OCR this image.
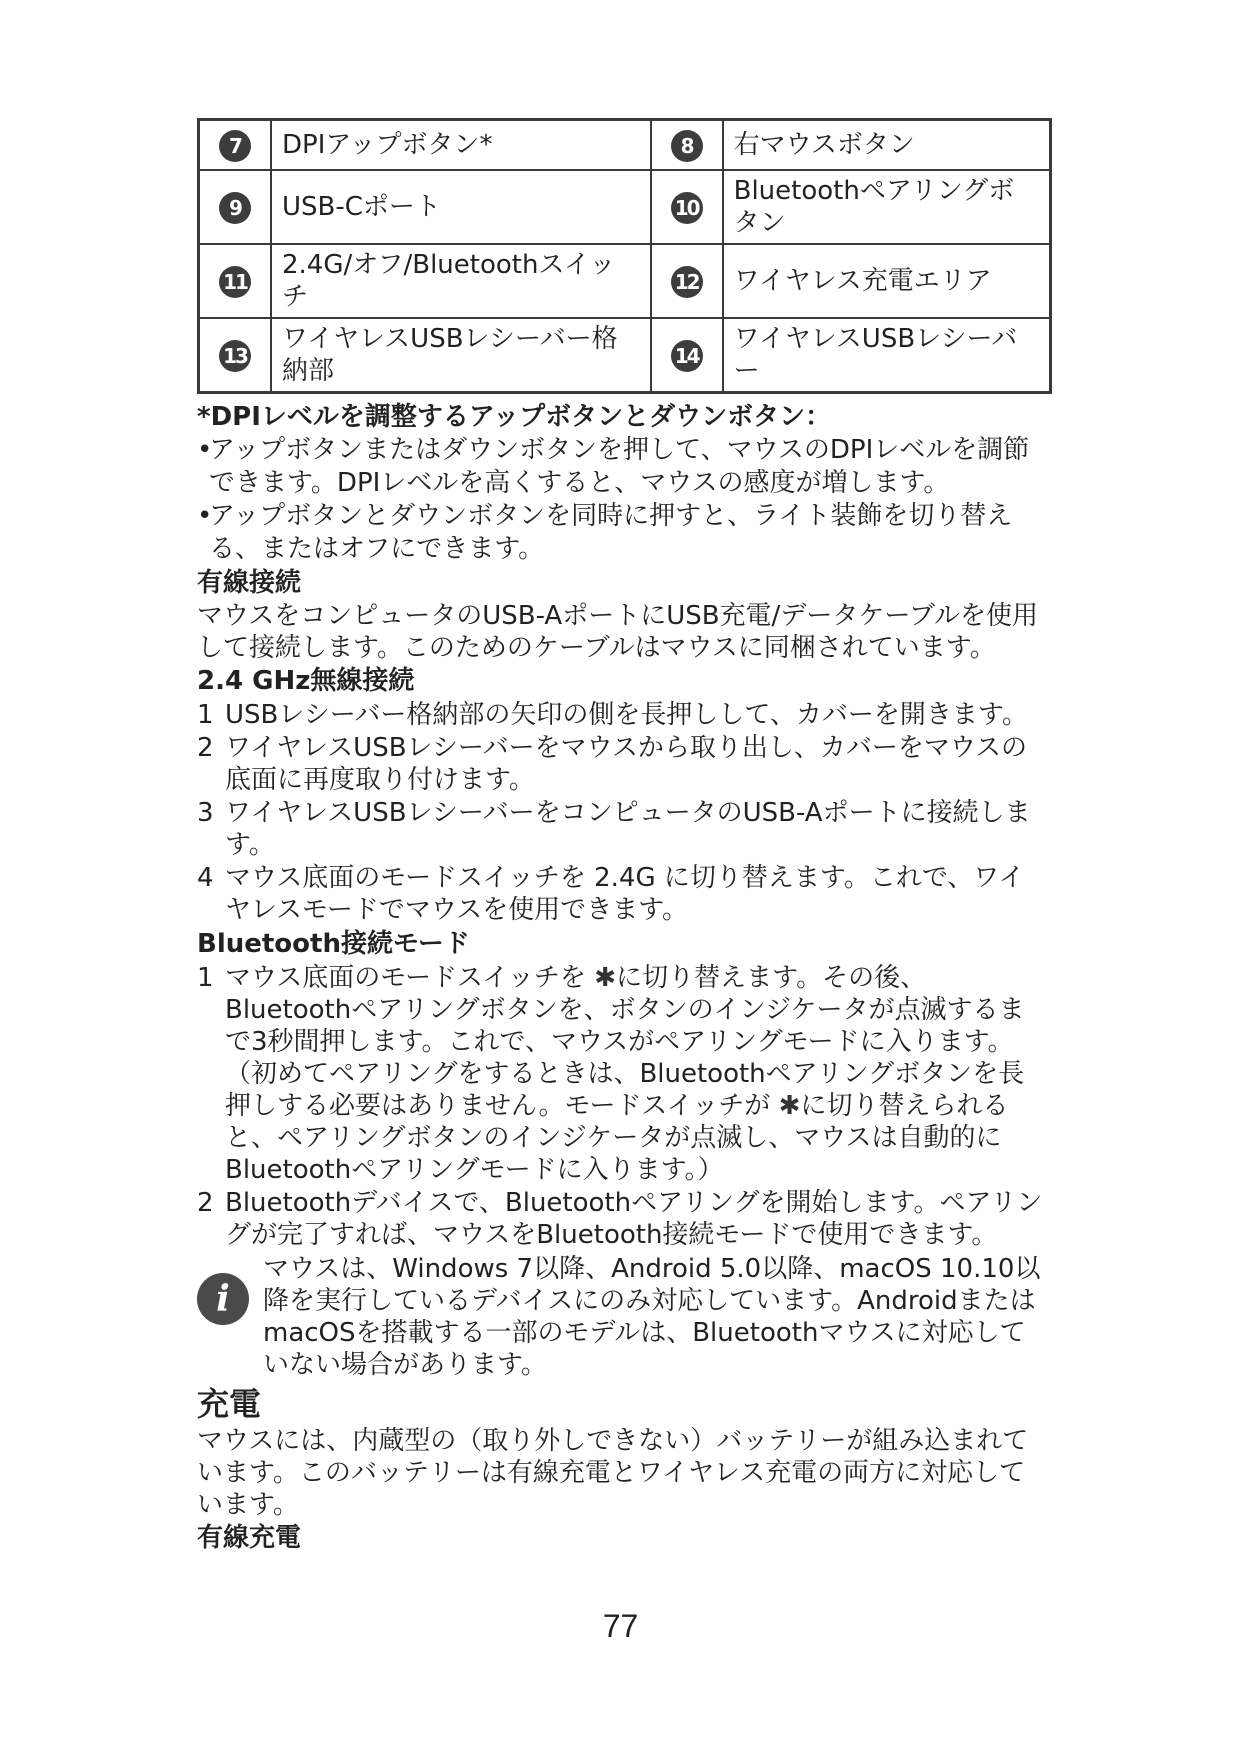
7	DPIアップボタン*	8	右マウスボタン
9	USB-Cポート	10	Bluetoothペアリングボタン
11	2.4G/オフ/Bluetoothスイッチ	12	ワイヤレス充電エリア
13	ワイヤレスUSBレシーバー格納部	14	ワイヤレスUSBレシーバー

*DPIレベルを調整するアップボタンとダウンボタン：

•
アップボタンまたはダウンボタンを押して、マウスのDPIレベルを調節できます。DPIレベルを高くすると、マウスの感度が増します。
•
アップボタンとダウンボタンを同時に押すと、ライト装飾を切り替える、またはオフにできます。

有線接続

マウスをコンピュータのUSB-AポートにUSB充電/データケーブルを使用して接続します。このためのケーブルはマウスに同梱されています。

2.4 GHz無線接続

1 USBレシーバー格納部の矢印の側を長押しして、カバーを開きます。
2 ワイヤレスUSBレシーバーをマウスから取り出し、カバーをマウスの底面に再度取り付けます。
3 ワイヤレスUSBレシーバーをコンピュータのUSB-Aポートに接続します。
4 マウス底面のモードスイッチを 2.4G に切り替えます。これで、ワイヤレスモードでマウスを使用できます。

Bluetooth接続モード

1 マウス底面のモードスイッチを ✱に切り替えます。その後、Bluetoothペアリングボタンを、ボタンのインジケータが点滅するまで3秒間押します。これで、マウスがペアリングモードに入ります。（初めてペアリングをするときは、Bluetoothペアリングボタンを長押しする必要はありません。モードスイッチが ✱に切り替えられると、ペアリングボタンのインジケータが点滅し、マウスは自動的にBluetoothペアリングモードに入ります。）
2 Bluetoothデバイスで、Bluetoothペアリングを開始します。ペアリングが完了すれば、マウスをBluetooth接続モードで使用できます。
i
マウスは、Windows 7以降、Android 5.0以降、macOS 10.10以降を実行しているデバイスにのみ対応しています。AndroidまたはmacOSを搭載する一部のモデルは、Bluetoothマウスに対応していない場合があります。

充電

マウスには、内蔵型の（取り外しできない）バッテリーが組み込まれています。このバッテリーは有線充電とワイヤレス充電の両方に対応しています。

有線充電

77
